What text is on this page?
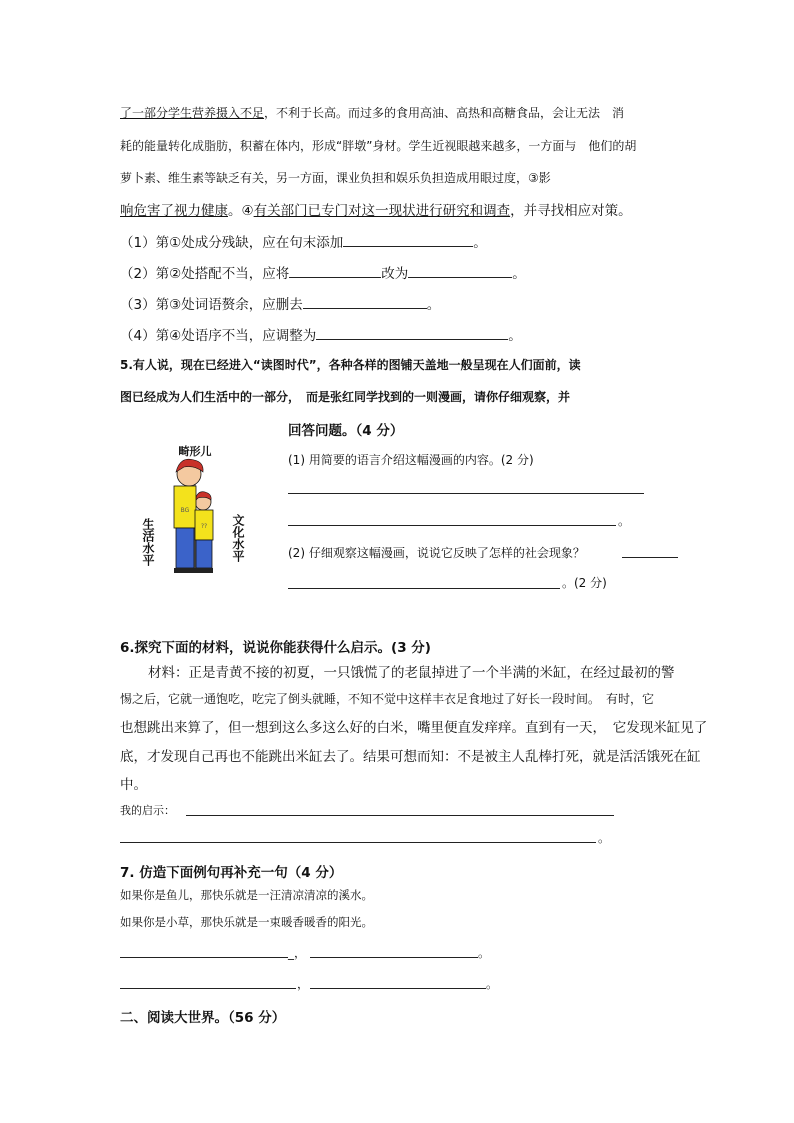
了一部分学生营养摄入不足，不利于长高。而过多的食用高油、高热和高糖食品，会让无法　消
耗的能量转化成脂肪，积蓄在体内，形成“胖墩”身材。学生近视眼越来越多，一方面与　他们的胡
萝卜素、维生素等缺乏有关，另一方面，课业负担和娱乐负担造成用眼过度，③影
响危害了视力健康。④有关部门已专门对这一现状进行研究和调查，并寻找相应对策。
（1）第①处成分残缺，应在句末添加	。
（2）第②处搭配不当，应将	改为	。
（3）第③处词语赘余，应删去	。
（4）第④处语序不当，应调整为	。
5.有人说，现在已经进入“读图时代”，各种各样的图铺天盖地一般呈现在人们面前，读
图已经成为人们生活中的一部分，　而是张红同学找到的一则漫画，请你仔细观察，并
回答问题。（4 分）
畸形儿
BG
??
生活水平	文化水平
(1) 用简要的语言介绍这幅漫画的内容。(2 分)
。
(2) 仔细观察这幅漫画，说说它反映了怎样的社会现象？
。(2 分)
6.探究下面的材料，说说你能获得什么启示。(3 分)
材料：正是青黄不接的初夏，一只饿慌了的老鼠掉进了一个半满的米缸，在经过最初的警
惕之后，它就一通饱吃，吃完了倒头就睡，不知不觉中这样丰衣足食地过了好长一段时间。　有时，它
也想跳出来算了，但一想到这么多这么好的白米，嘴里便直发痒痒。直到有一天，　它发现米缸见了
底，才发现自己再也不能跳出米缸去了。结果可想而知：不是被主人乱棒打死，就是活活饿死在缸
中。
我的启示：
。
7. 仿造下面例句再补充一句（4 分）
如果你是鱼儿，那快乐就是一汪清凉清凉的溪水。
如果你是小草，那快乐就是一束暖香暖香的阳光。
_，	。
，	。
二、阅读大世界。（56 分）
